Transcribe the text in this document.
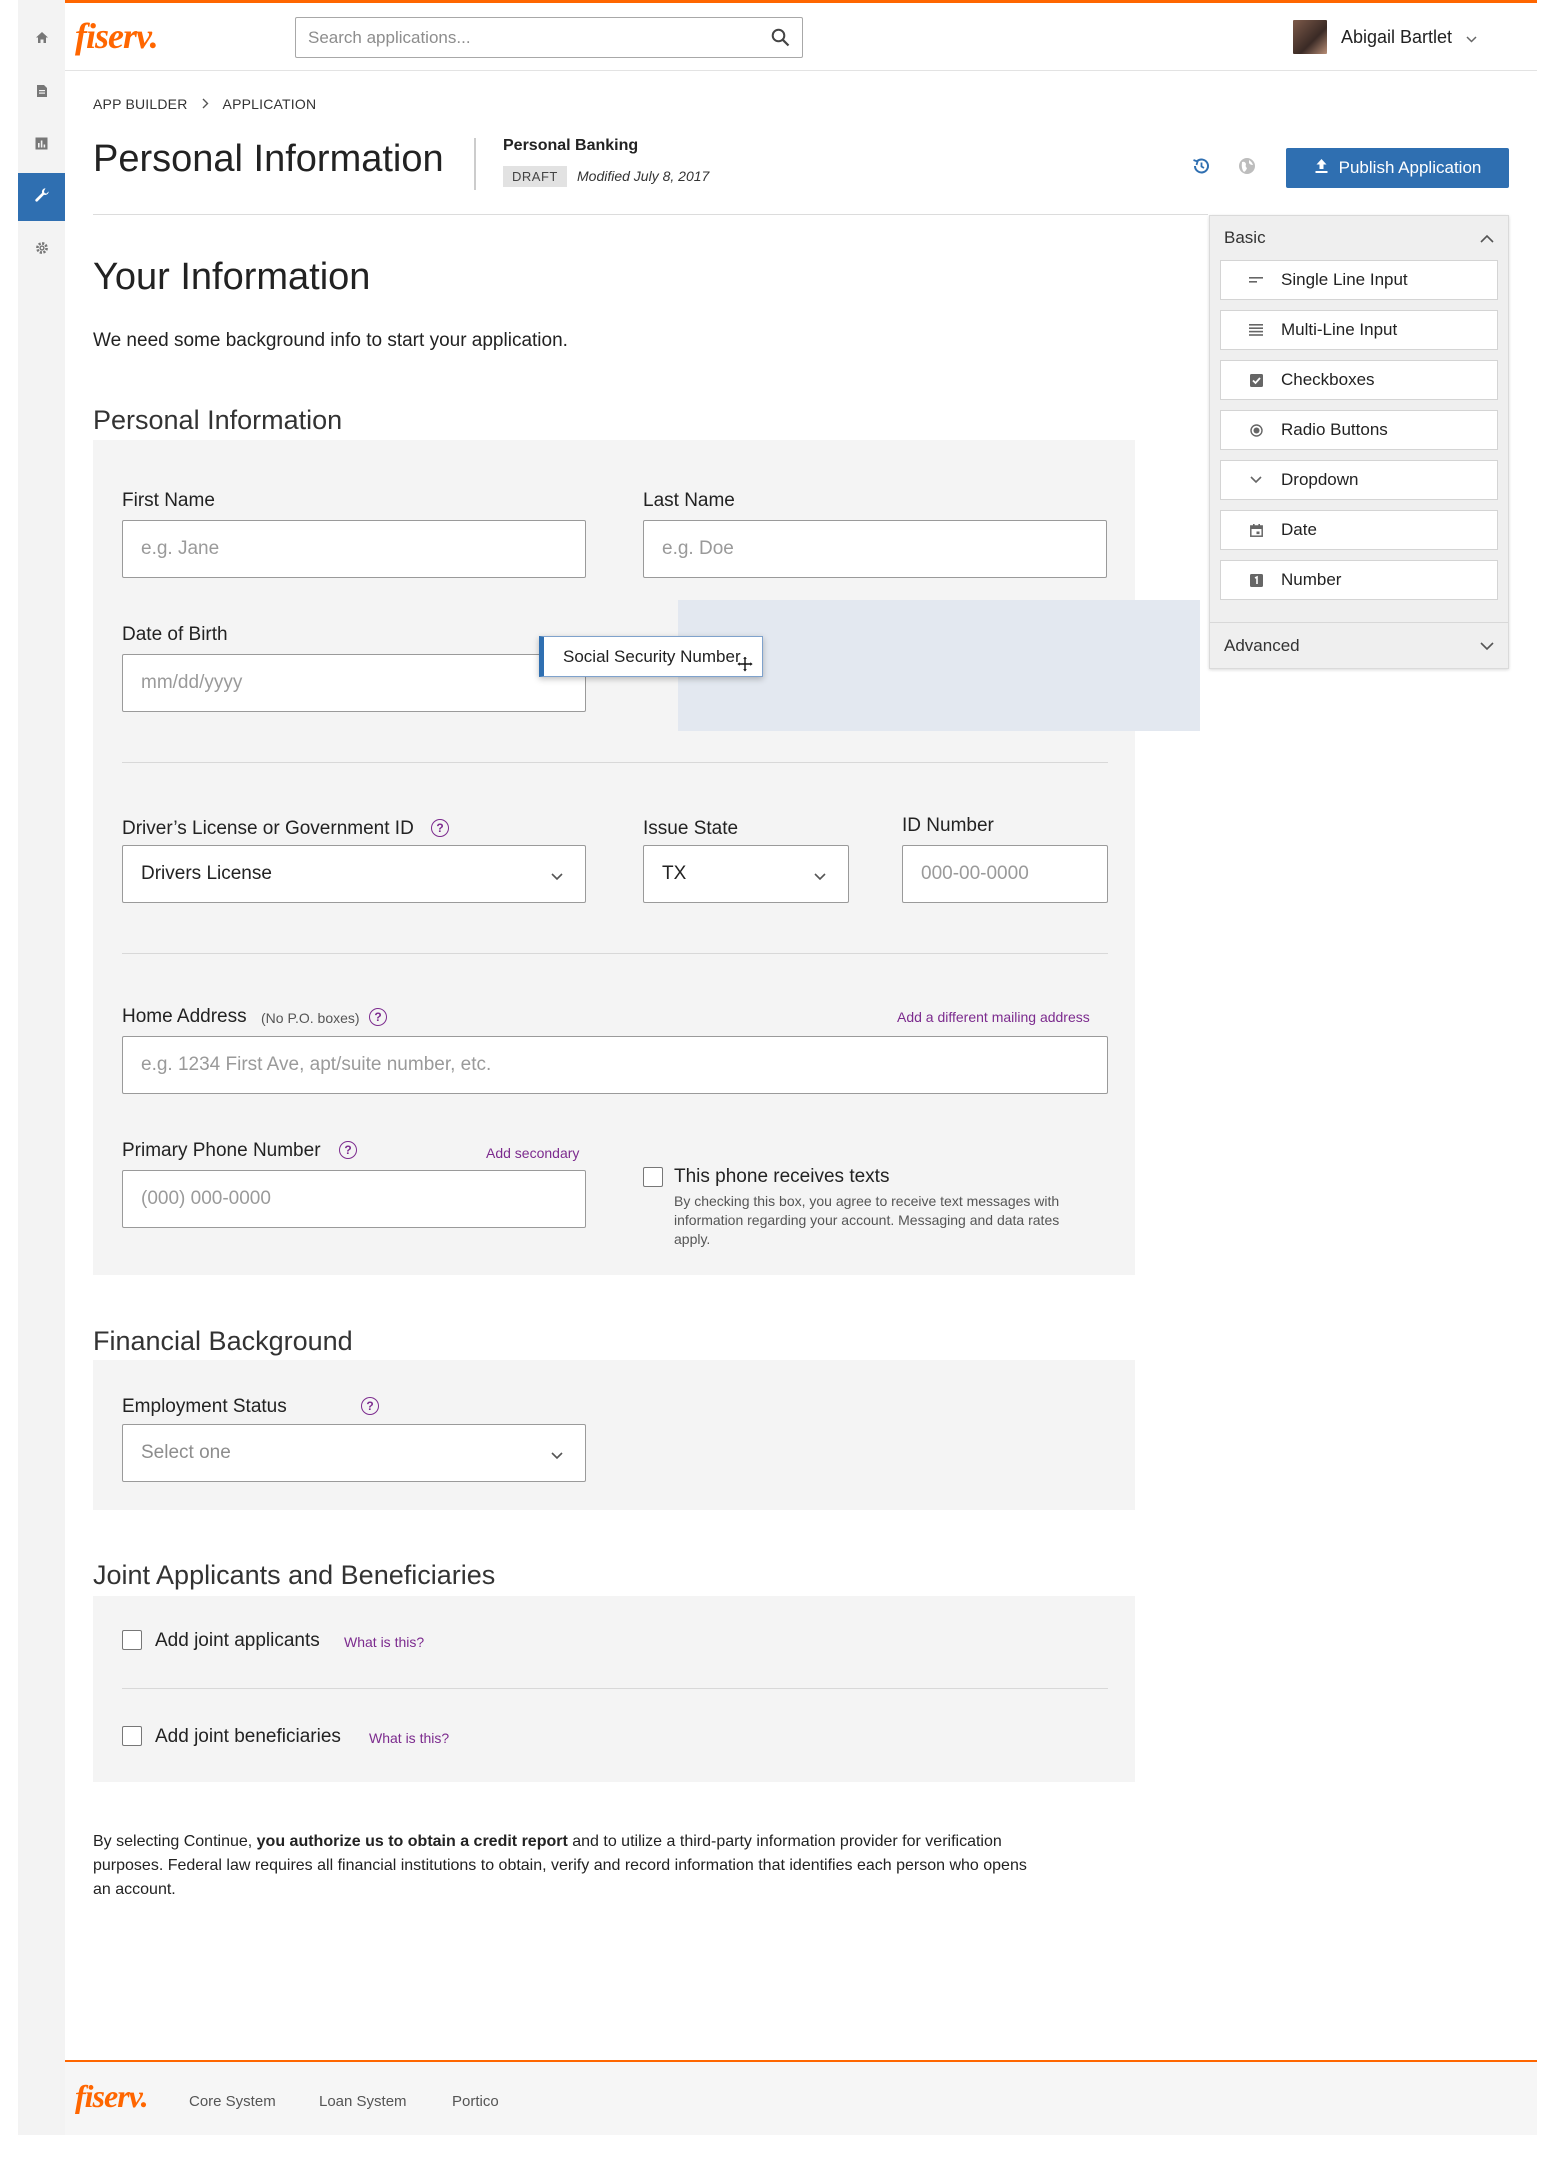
fiserv.
Search applications...	Abigail Bartlet
APP BUILDER	APPLICATION
Personal Information	Personal Banking
DRAFT	Modified July 8, 2017	Publish Application
Basic
Single Line Input
Multi-Line Input
Checkboxes
Radio Buttons
Dropdown
Date
Number
Advanced
Your Information

We need some background info to start your application.

Personal Information
First Name
e.g. Jane	Last Name
e.g. Doe
Date of Birth
mm/dd/yyyy
Social Security Number
Driver’s License or Government ID	?
Drivers License
Issue State
TX
ID Number
000-00-0000
Home Address (No P.O. boxes)	?	Add a different mailing address
e.g. 1234 First Ave, apt/suite number, etc.
Primary Phone Number	?	Add secondary
(000) 000-0000
This phone receives texts
By checking this box, you agree to receive text messages with
information regarding your account. Messaging and data rates
apply.
Financial Background
Employment Status	?
Select one
Joint Applicants and Beneficiaries
Add joint applicants What is this?
Add joint beneficiaries What is this?
By selecting Continue, you authorize us to obtain a credit report and to utilize a third-party information provider for verification
purposes. Federal law requires all financial institutions to obtain, verify and record information that identifies each person who opens
an account.
fiserv.	Core System	Loan System	Portico
